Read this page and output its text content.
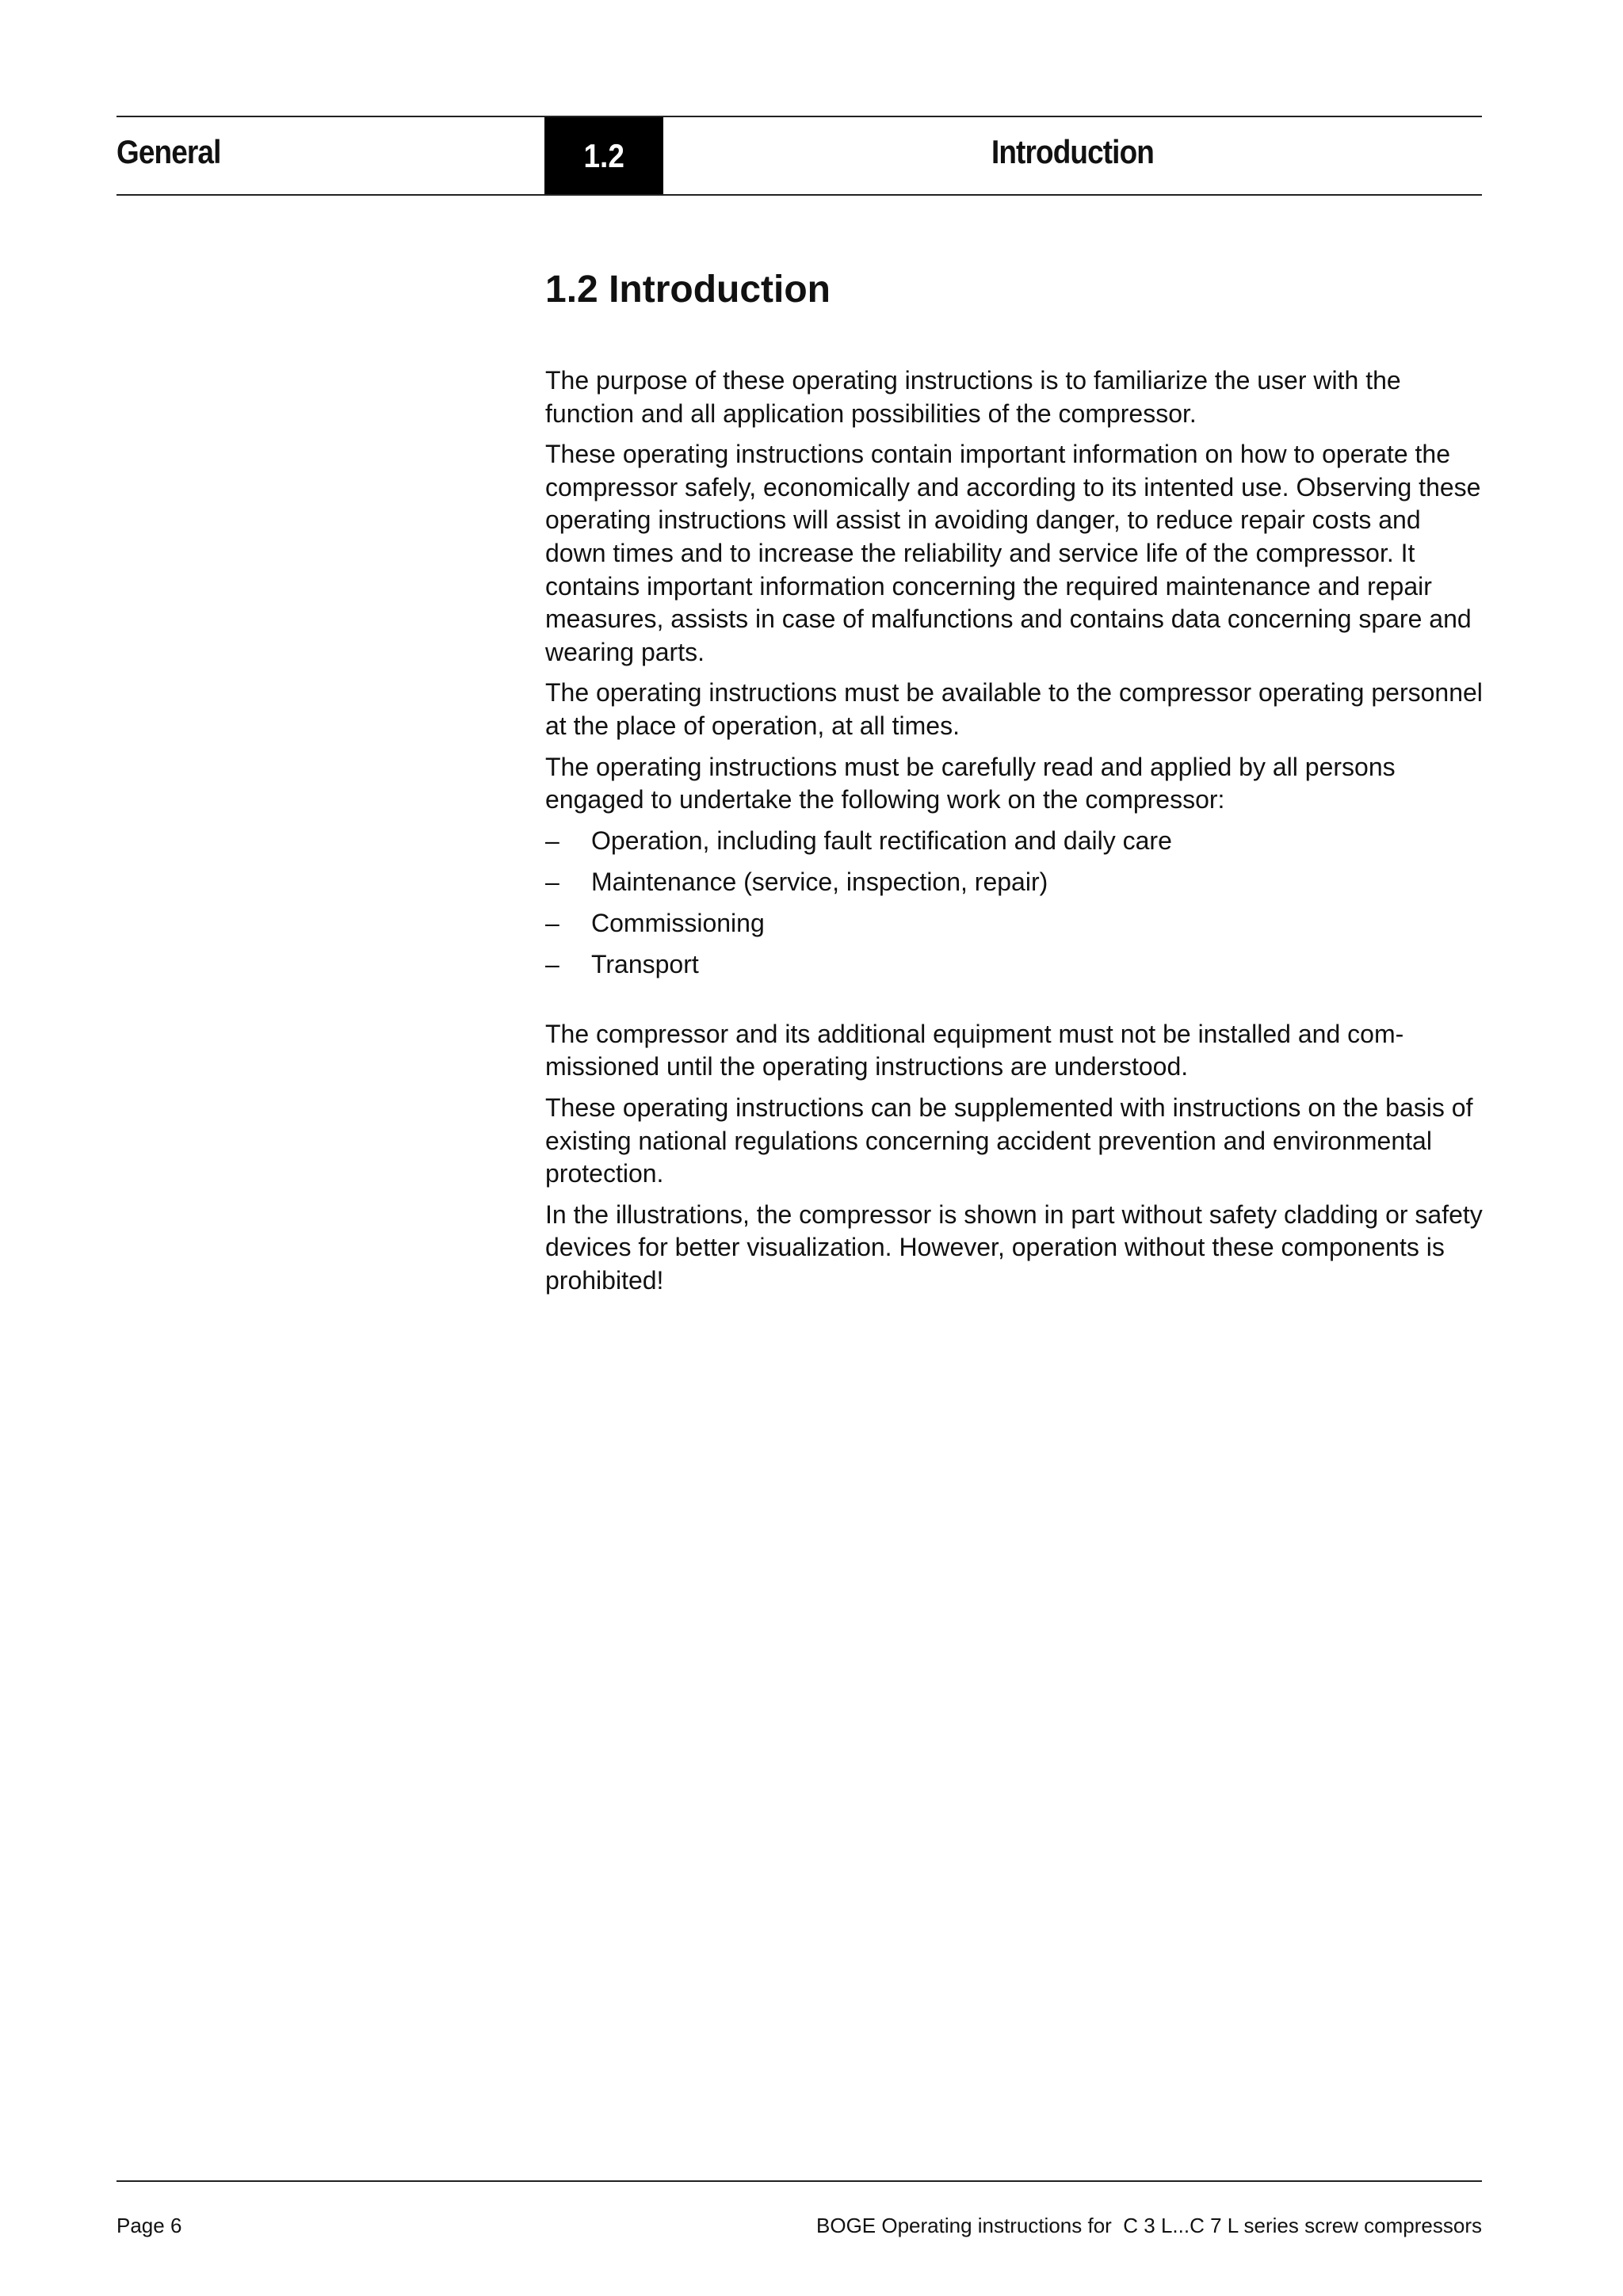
General	1.2	Introduction
1.2 Introduction

The purpose of these operating instructions is to familiarize the user with the function and all application possibilities of the compressor.

These operating instructions contain important information on how to operate the compressor safely, economically and according to its intented use. Observing these operating instructions will assist in avoiding danger, to reduce repair costs and down times and to increase the reliability and service life of the compressor. It contains important information concerning the required maintenance and repair measures, assists in case of malfunctions and contains data concerning spare and wearing parts.

The operating instructions must be available to the compressor operating personnel at the place of operation, at all times.

The operating instructions must be carefully read and applied by all persons engaged to undertake the following work on the compressor:

– Operation, including fault rectification and daily care
– Maintenance (service, inspection, repair)
– Commissioning
– Transport

The compressor and its additional equipment must not be installed and commissioned until the operating instructions are understood.

These operating instructions can be supplemented with instructions on the basis of existing national regulations concerning accident prevention and environmental protection.

In the illustrations, the compressor is shown in part without safety cladding or safety devices for better visualization. However, operation without these components is prohibited!

Page 6	BOGE Operating instructions for  C 3 L...C 7 L series screw compressors
